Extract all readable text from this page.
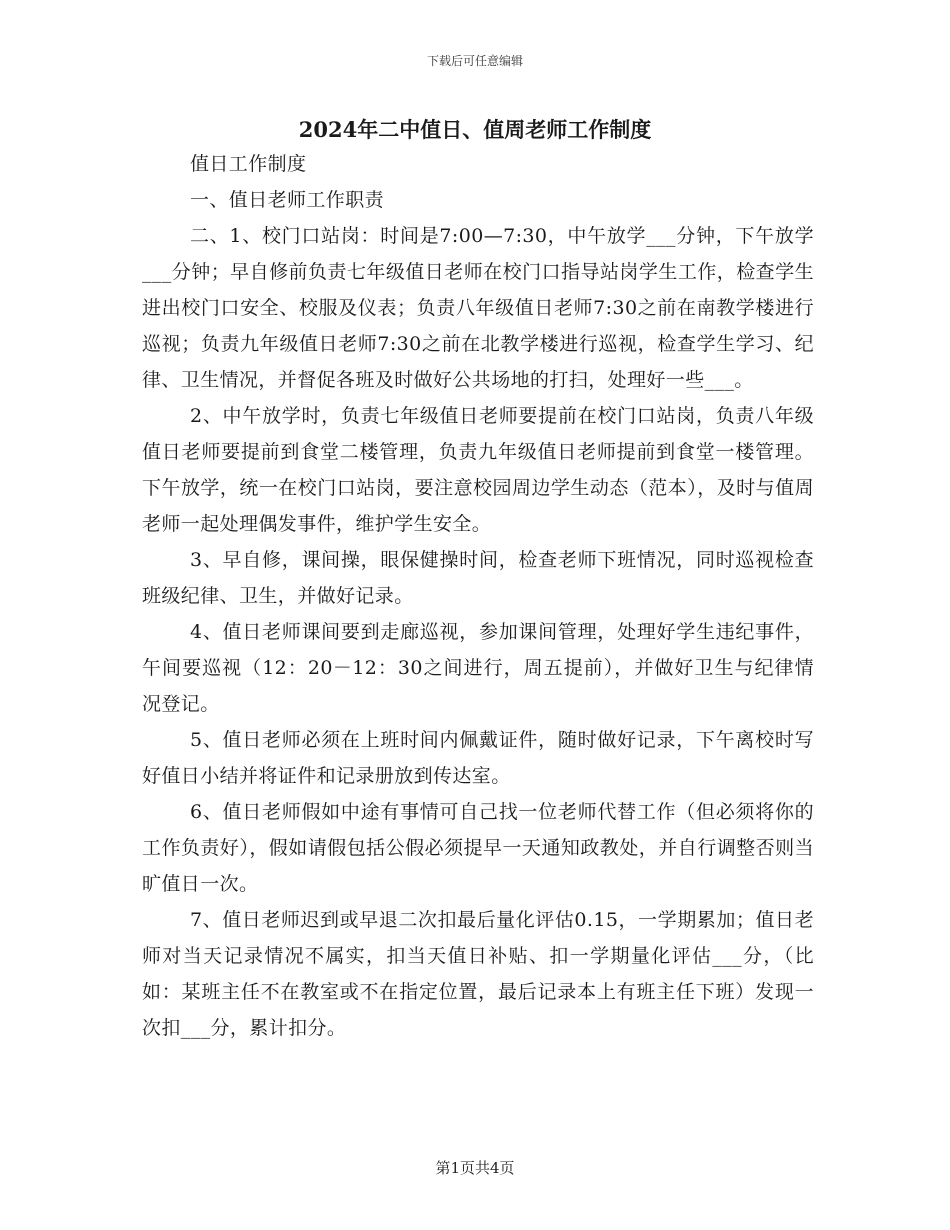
下载后可任意编辑
2024年二中值日、值周老师工作制度

值日工作制度

一、值日老师工作职责

二、1、校门口站岗：时间是7:00—7:30，中午放学___分钟，下午放学___分钟；早自修前负责七年级值日老师在校门口指导站岗学生工作，检查学生进出校门口安全、校服及仪表；负责八年级值日老师7:30之前在南教学楼进行巡视；负责九年级值日老师7:30之前在北教学楼进行巡视，检查学生学习、纪律、卫生情况，并督促各班及时做好公共场地的打扫，处理好一些___。

2、中午放学时，负责七年级值日老师要提前在校门口站岗，负责八年级值日老师要提前到食堂二楼管理，负责九年级值日老师提前到食堂一楼管理。下午放学，统一在校门口站岗，要注意校园周边学生动态（范本），及时与值周老师一起处理偶发事件，维护学生安全。

3、早自修，课间操，眼保健操时间，检查老师下班情况，同时巡视检查班级纪律、卫生，并做好记录。

4、值日老师课间要到走廊巡视，参加课间管理，处理好学生违纪事件，午间要巡视（12：20－12：30之间进行，周五提前），并做好卫生与纪律情况登记。

5、值日老师必须在上班时间内佩戴证件，随时做好记录，下午离校时写好值日小结并将证件和记录册放到传达室。

6、值日老师假如中途有事情可自己找一位老师代替工作（但必须将你的工作负责好），假如请假包括公假必须提早一天通知政教处，并自行调整否则当旷值日一次。

7、值日老师迟到或早退二次扣最后量化评估0.15，一学期累加；值日老师对当天记录情况不属实，扣当天值日补贴、扣一学期量化评估___分，（比如：某班主任不在教室或不在指定位置，最后记录本上有班主任下班）发现一次扣___分，累计扣分。

第1页共4页
